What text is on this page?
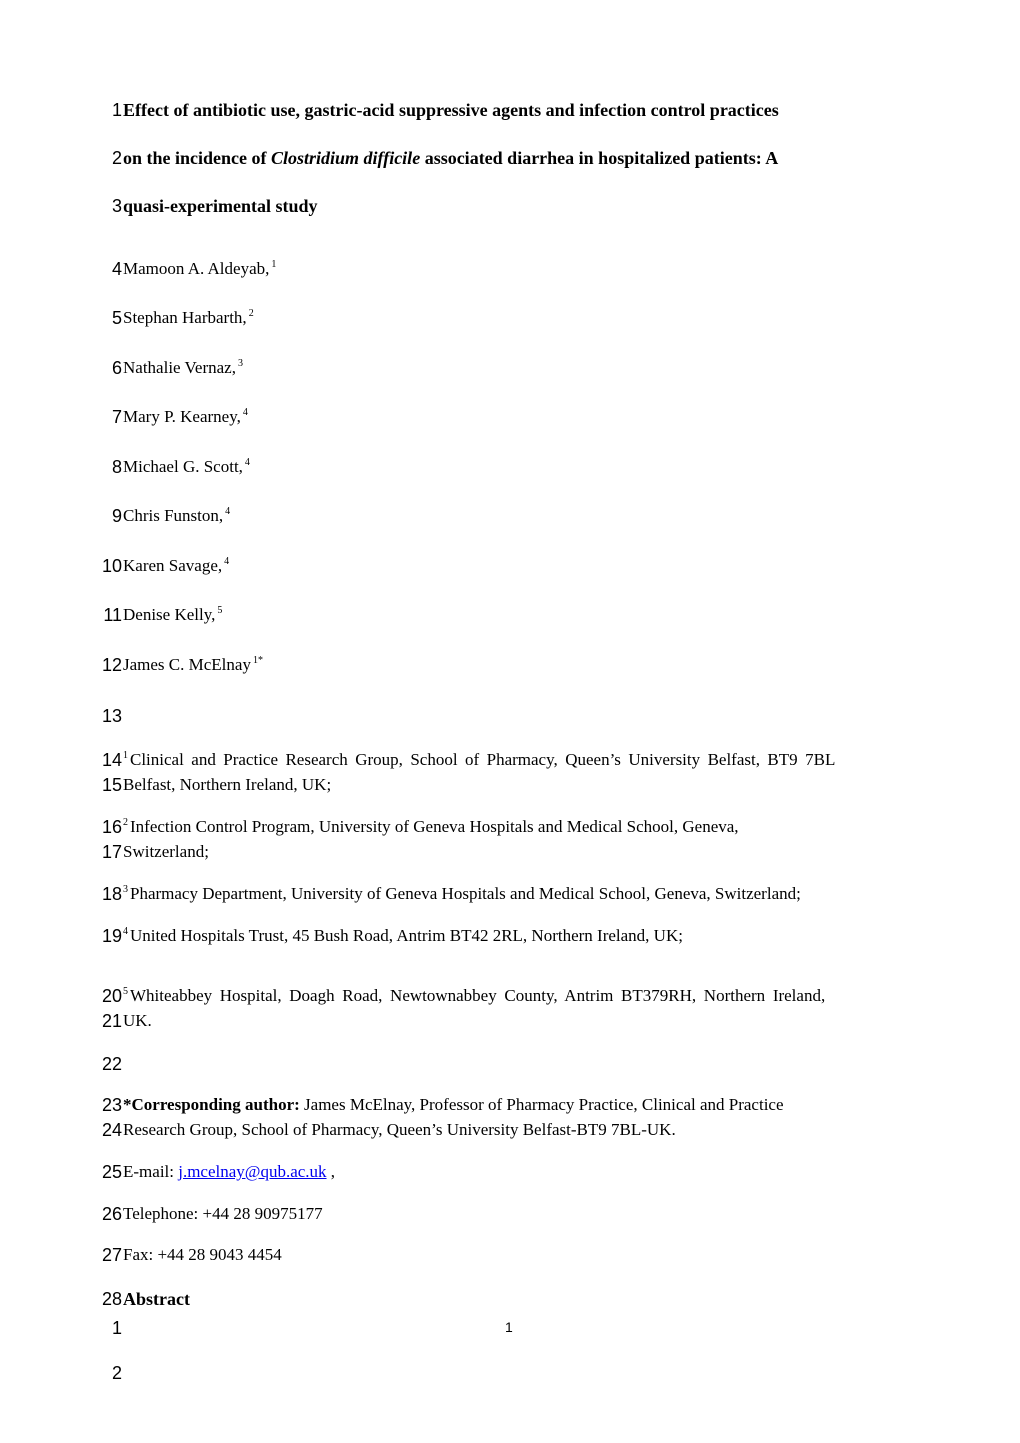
1 Effect of antibiotic use, gastric-acid suppressive agents and infection control practices
2 on the incidence of Clostridium difficile associated diarrhea in hospitalized patients: A
3 quasi-experimental study
4 Mamoon A. Aldeyab, $^1$
5 Stephan Harbarth, $^2$
6 Nathalie Vernaz, $^3$
7 Mary P. Kearney, $^4$
8 Michael G. Scott, $^4$
9 Chris Funston, $^4$
10 Karen Savage, $^4$
11 Denise Kelly, $^5$
12 James C. McElnay $^{1*}$
13
14 $^1$ Clinical and Practice Research Group, School of Pharmacy, Queen’s University Belfast, BT9 7BL
15 Belfast, Northern Ireland, UK;
16 $^2$ Infection Control Program, University of Geneva Hospitals and Medical School, Geneva,
17 Switzerland;
18 $^3$ Pharmacy Department, University of Geneva Hospitals and Medical School, Geneva, Switzerland;
19 $^4$ United Hospitals Trust, 45 Bush Road, Antrim BT42 2RL, Northern Ireland, UK;
20 $^5$ Whiteabbey Hospital, Doagh Road, Newtownabbey County, Antrim BT379RH, Northern Ireland,
21 UK.
22
23 *Corresponding author: James McElnay, Professor of Pharmacy Practice, Clinical and Practice
24 Research Group, School of Pharmacy, Queen’s University Belfast-BT9 7BL-UK.
25 E-mail: j.mcelnay@qub.ac.uk ,
26 Telephone: +44 28 90975177
27 Fax: +44 28 9043 4454
28 Abstract
1	1
2
